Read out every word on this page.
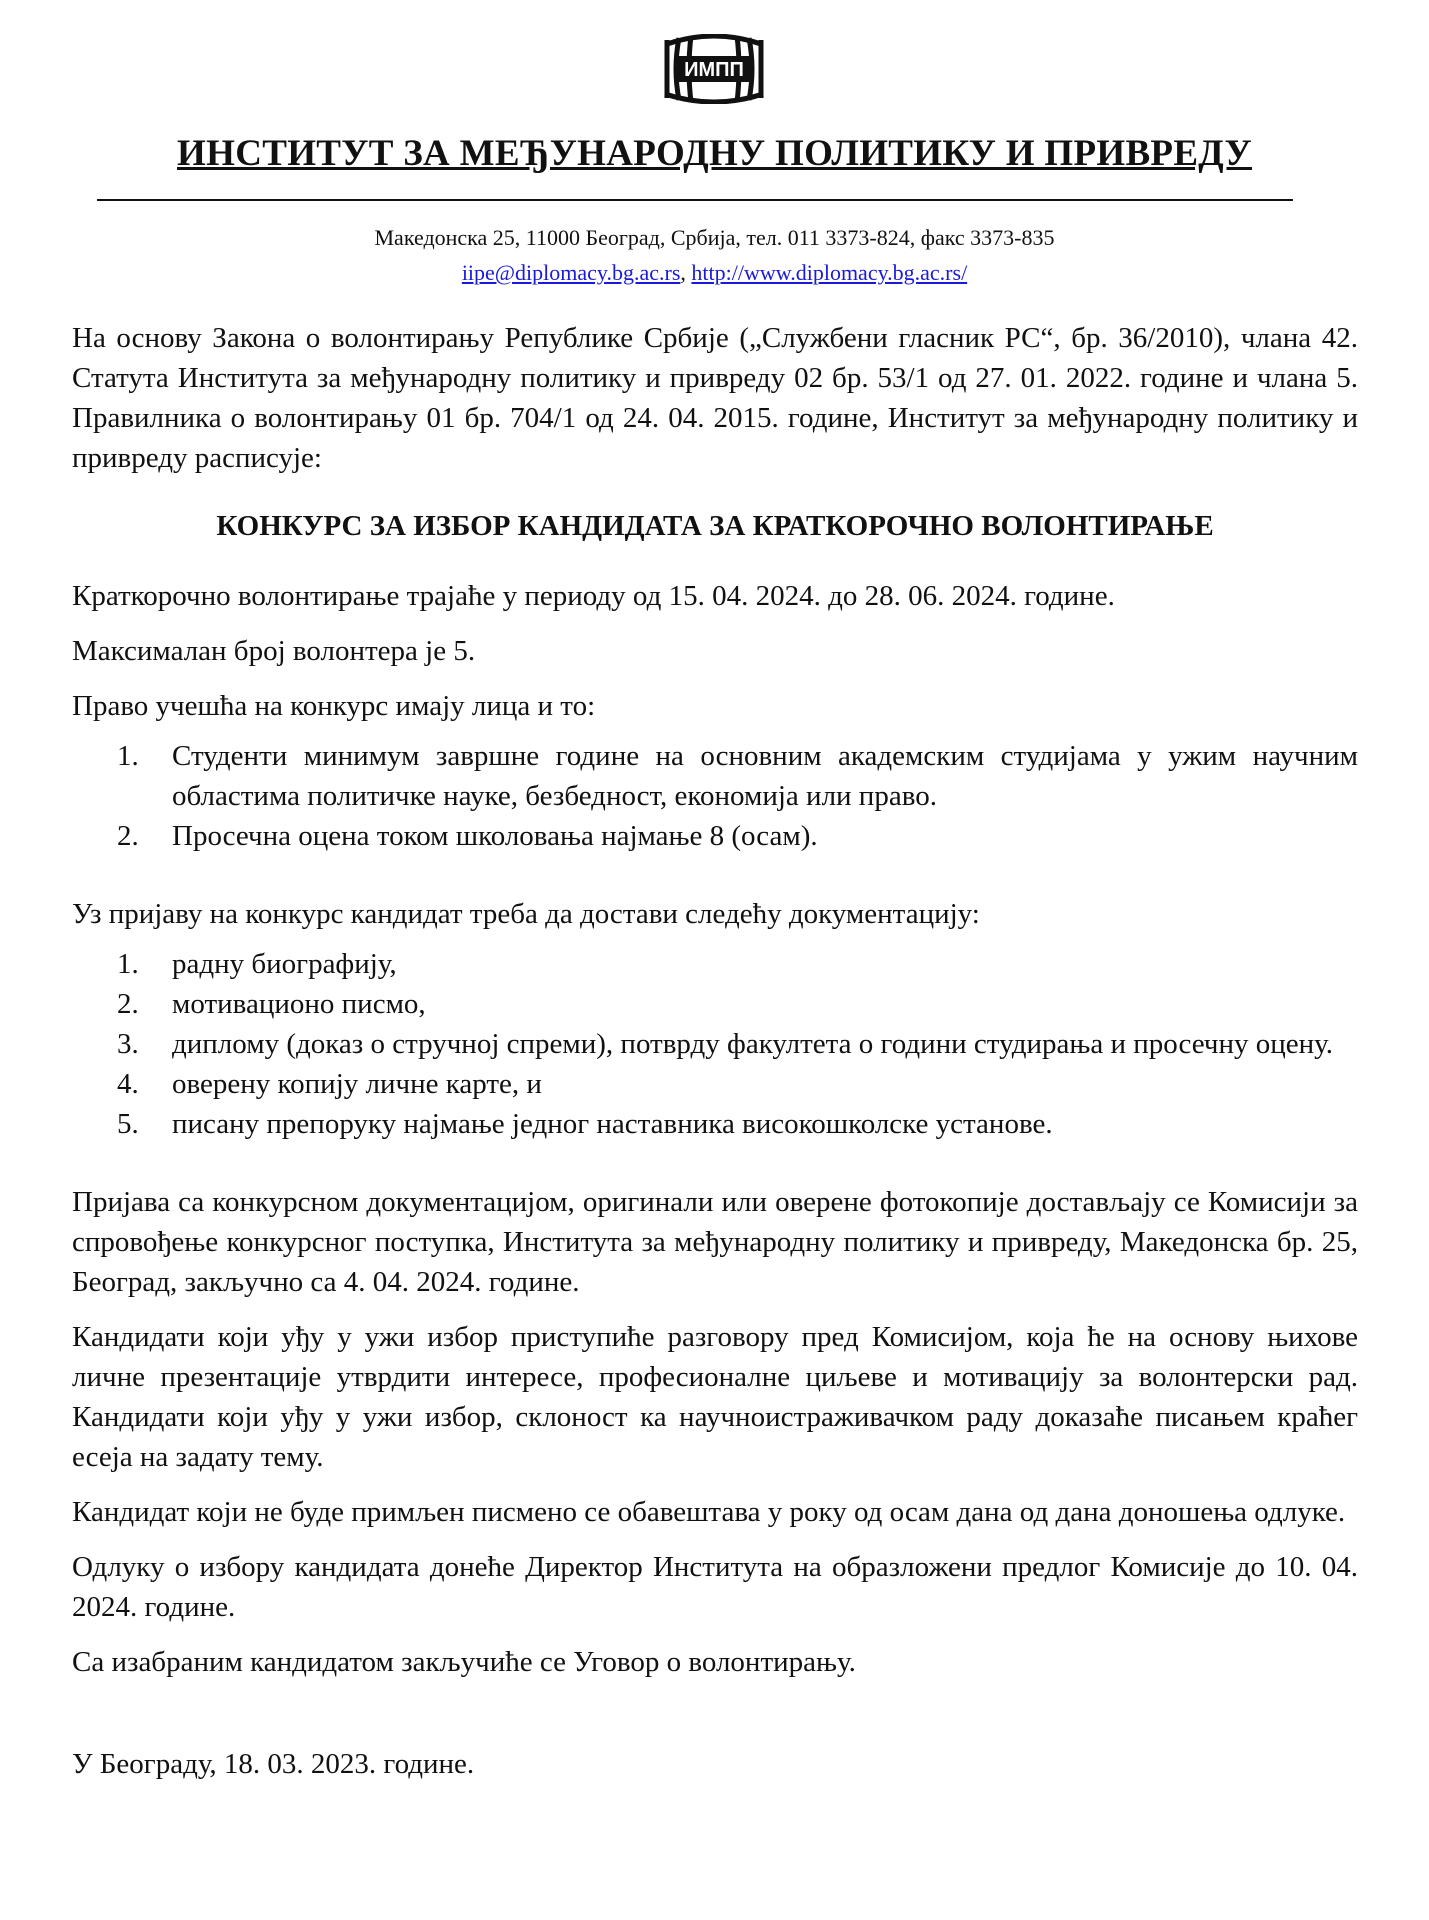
ИМПП
ИНСТИТУТ ЗА МЕЂУНАРОДНУ ПОЛИТИКУ И ПРИВРЕДУ
Македонска 25, 11000 Београд, Србија, тел. 011 3373-824, факс 3373-835
iipe@diplomacy.bg.ac.rs, http://www.diplomacy.bg.ac.rs/

На основу Закона о волонтирању Републике Србије („Службени гласник РС“, бр. 36/2010), члана 42. Статута Института за међународну политику и привреду 02 бр. 53/1 од 27. 01. 2022. године и члана 5. Правилника о волонтирању 01 бр. 704/1 од 24. 04. 2015. године, Институт за међународну политику и привреду расписује:

КОНКУРС ЗА ИЗБОР КАНДИДАТА ЗА КРАТКОРОЧНО ВОЛОНТИРАЊЕ

Краткорочно волонтирање трајаће у периоду од 15. 04. 2024. до 28. 06. 2024. године.

Максималан број волонтера је 5.

Право учешћа на конкурс имају лица и то:

1. Студенти минимум завршне године на основним академским студијама у ужим научним областима политичке науке, безбедност, економија или право.
2. Просечна оцена током школовања најмање 8 (осам).

Уз пријаву на конкурс кандидат треба да достави следећу документацију:

1. радну биографију,
2. мотивационо писмо,
3. диплому (доказ о стручној спреми), потврду факултета о години студирања и просечну оцену.
4. оверену копију личне карте, и
5. писану препоруку најмање једног наставника високошколске установе.

Пријава са конкурсном документацијом, оригинали или оверене фотокопије достављају се Комисији за спровођење конкурсног поступка, Института за међународну политику и привреду, Македонска бр. 25, Београд, закључно са 4. 04. 2024. године.

Кандидати који уђу у ужи избор приступиће разговору пред Комисијом, која ће на основу њихове личне презентације утврдити интересе, професионалне циљеве и мотивацију за волонтерски рад. Кандидати који уђу у ужи избор, склоност ка научноистраживачком раду доказаће писањем краћег есеја на задату тему.

Кандидат који не буде примљен писмено се обавештава у року од осам дана од дана доношења одлуке.

Одлуку о избору кандидата донеће Директор Института на образложени предлог Комисије до 10. 04. 2024. године.

Са изабраним кандидатом закључиће се Уговор о волонтирању.

У Београду, 18. 03. 2023. године.
